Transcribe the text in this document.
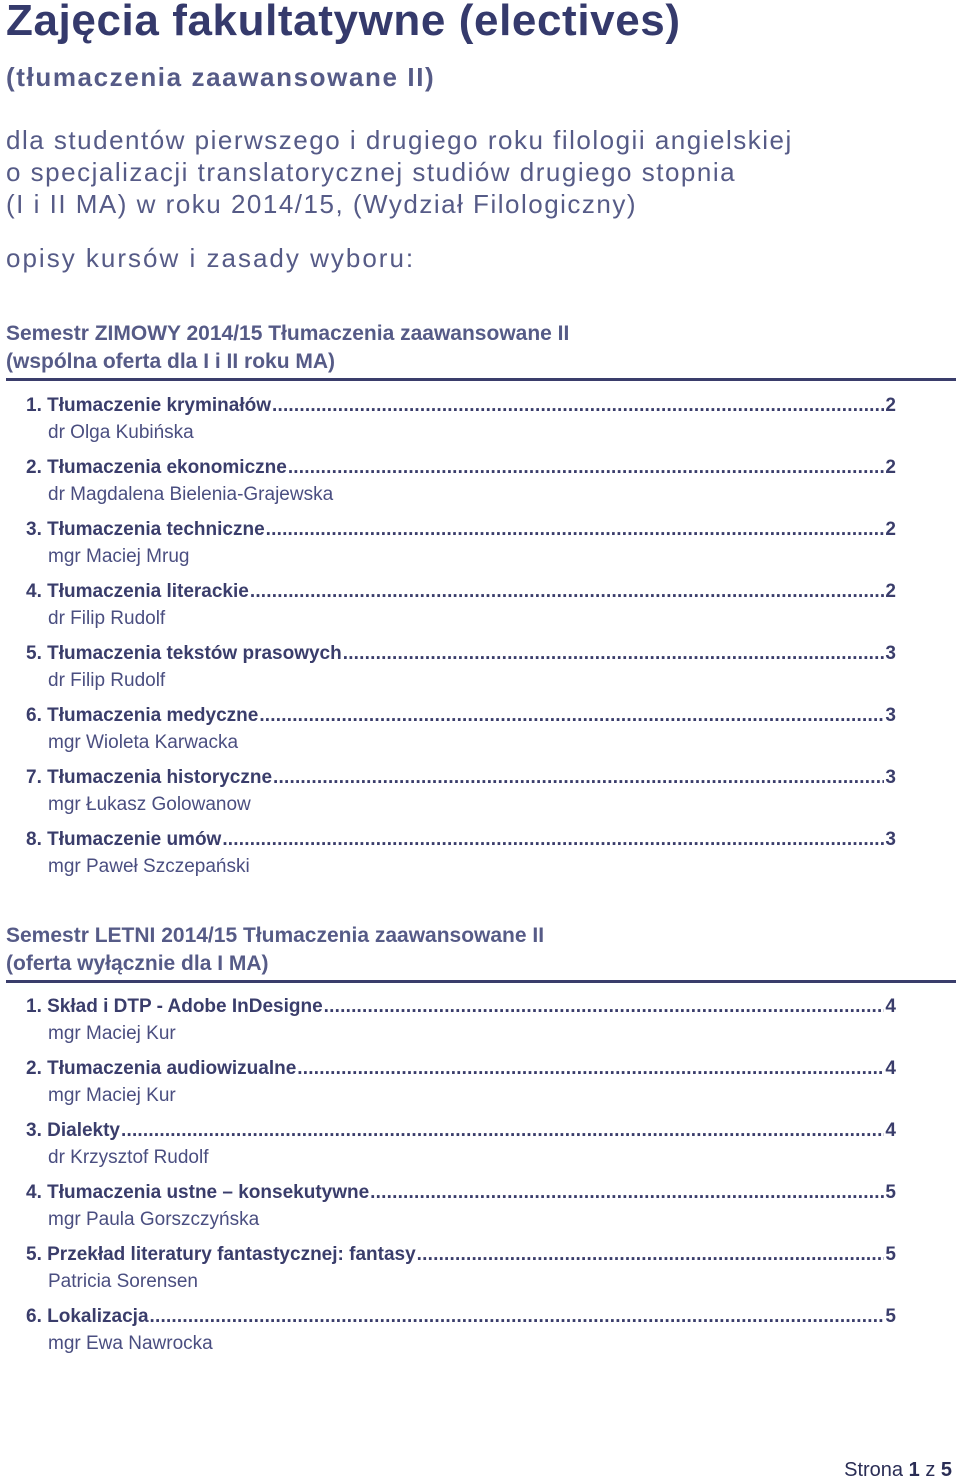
Zajęcia fakultatywne (electives)
(tłumaczenia zaawansowane II)
dla studentów pierwszego i drugiego roku filologii angielskiej
o specjalizacji translatorycznej studiów drugiego stopnia
(I i II MA) w roku 2014/15, (Wydział Filologiczny)
opisy kursów i zasady wyboru:
Semestr ZIMOWY 2014/15 Tłumaczenia zaawansowane II
(wspólna oferta dla I i II roku MA)
1. Tłumaczenie kryminałów .....	2
dr Olga Kubińska
2. Tłumaczenia ekonomiczne .....	2
dr Magdalena Bielenia-Grajewska
3. Tłumaczenia techniczne .....	2
mgr Maciej Mrug
4. Tłumaczenia literackie .....	2
dr Filip Rudolf
5. Tłumaczenia tekstów prasowych .....	3
dr Filip Rudolf
6. Tłumaczenia medyczne .....	3
mgr Wioleta Karwacka
7. Tłumaczenia historyczne .....	3
mgr Łukasz Golowanow
8. Tłumaczenie umów .....	3
mgr Paweł Szczepański
Semestr LETNI 2014/15 Tłumaczenia zaawansowane II
(oferta wyłącznie dla I MA)
1. Skład i DTP - Adobe InDesigne .....	4
mgr Maciej Kur
2. Tłumaczenia audiowizualne .....	4
mgr Maciej Kur
3. Dialekty .....	4
dr Krzysztof Rudolf
4. Tłumaczenia ustne – konsekutywne .....	5
mgr Paula Gorszczyńska
5. Przekład literatury fantastycznej: fantasy .....	5
Patricia Sorensen
6. Lokalizacja .....	5
mgr Ewa Nawrocka
Strona 1 z 5
